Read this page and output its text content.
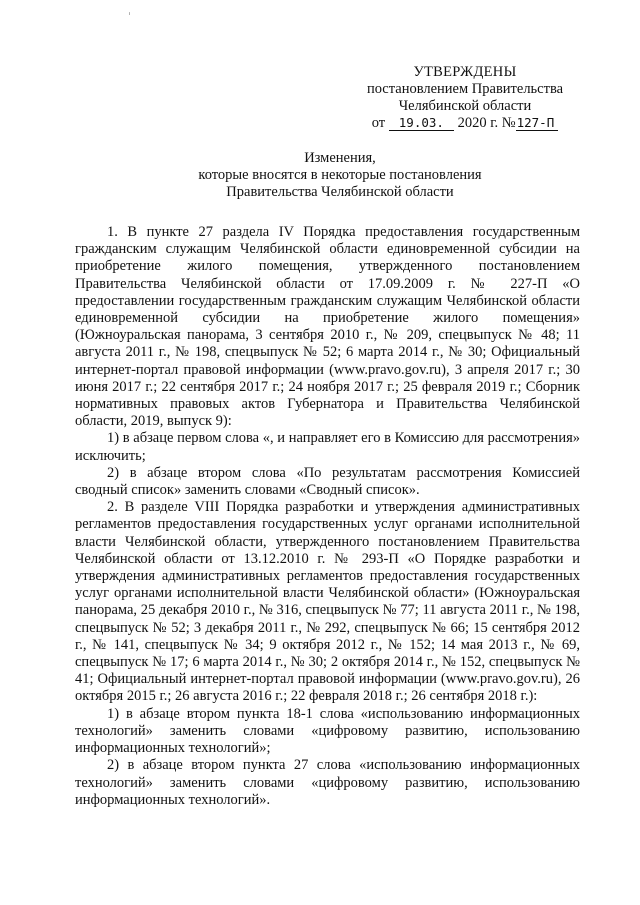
ˈ
УТВЕРЖДЕНЫ
постановлением Правительства
Челябинской области
от 19.03. 2020 г. №127-П
Изменения,
которые вносятся в некоторые постановления
Правительства Челябинской области

1. В пункте 27 раздела IV Порядка предоставления государственным гражданским служащим Челябинской области единовременной субсидии на приобретение жилого помещения, утвержденного постановлением Правительства Челябинской области от 17.09.2009 г. № 227-П «О предоставлении государственным гражданским служащим Челябинской области единовременной субсидии на приобретение жилого помещения» (Южноуральская панорама, 3 сентября 2010 г., № 209, спецвыпуск № 48; 11 августа 2011 г., № 198, спецвыпуск № 52; 6 марта 2014 г., № 30; Официальный интернет-портал правовой информации (www.pravo.gov.ru), 3 апреля 2017 г.; 30 июня 2017 г.; 22 сентября 2017 г.; 24 ноября 2017 г.; 25 февраля 2019 г.; Сборник нормативных правовых актов Губернатора и Правительства Челябинской области, 2019, выпуск 9):

1) в абзаце первом слова «, и направляет его в Комиссию для рассмотрения» исключить;

2) в абзаце втором слова «По результатам рассмотрения Комиссией сводный список» заменить словами «Сводный список».

2. В разделе VIII Порядка разработки и утверждения административных регламентов предоставления государственных услуг органами исполнительной власти Челябинской области, утвержденного постановлением Правительства Челябинской области от 13.12.2010 г. № 293-П «О Порядке разработки и утверждения административных регламентов предоставления государственных услуг органами исполнительной власти Челябинской области» (Южноуральская панорама, 25 декабря 2010 г., № 316, спецвыпуск № 77; 11 августа 2011 г., № 198, спецвыпуск № 52; 3 декабря 2011 г., № 292, спецвыпуск № 66; 15 сентября 2012 г., № 141, спецвыпуск № 34; 9 октября 2012 г., № 152; 14 мая 2013 г., № 69, спецвыпуск № 17; 6 марта 2014 г., № 30; 2 октября 2014 г., № 152, спецвыпуск № 41; Официальный интернет-портал правовой информации (www.pravo.gov.ru), 26 октября 2015 г.; 26 августа 2016 г.; 22 февраля 2018 г.; 26 сентября 2018 г.):

1) в абзаце втором пункта 18-1 слова «использованию информационных технологий» заменить словами «цифровому развитию, использованию информационных технологий»;

2) в абзаце втором пункта 27 слова «использованию информационных технологий» заменить словами «цифровому развитию, использованию информационных технологий».
